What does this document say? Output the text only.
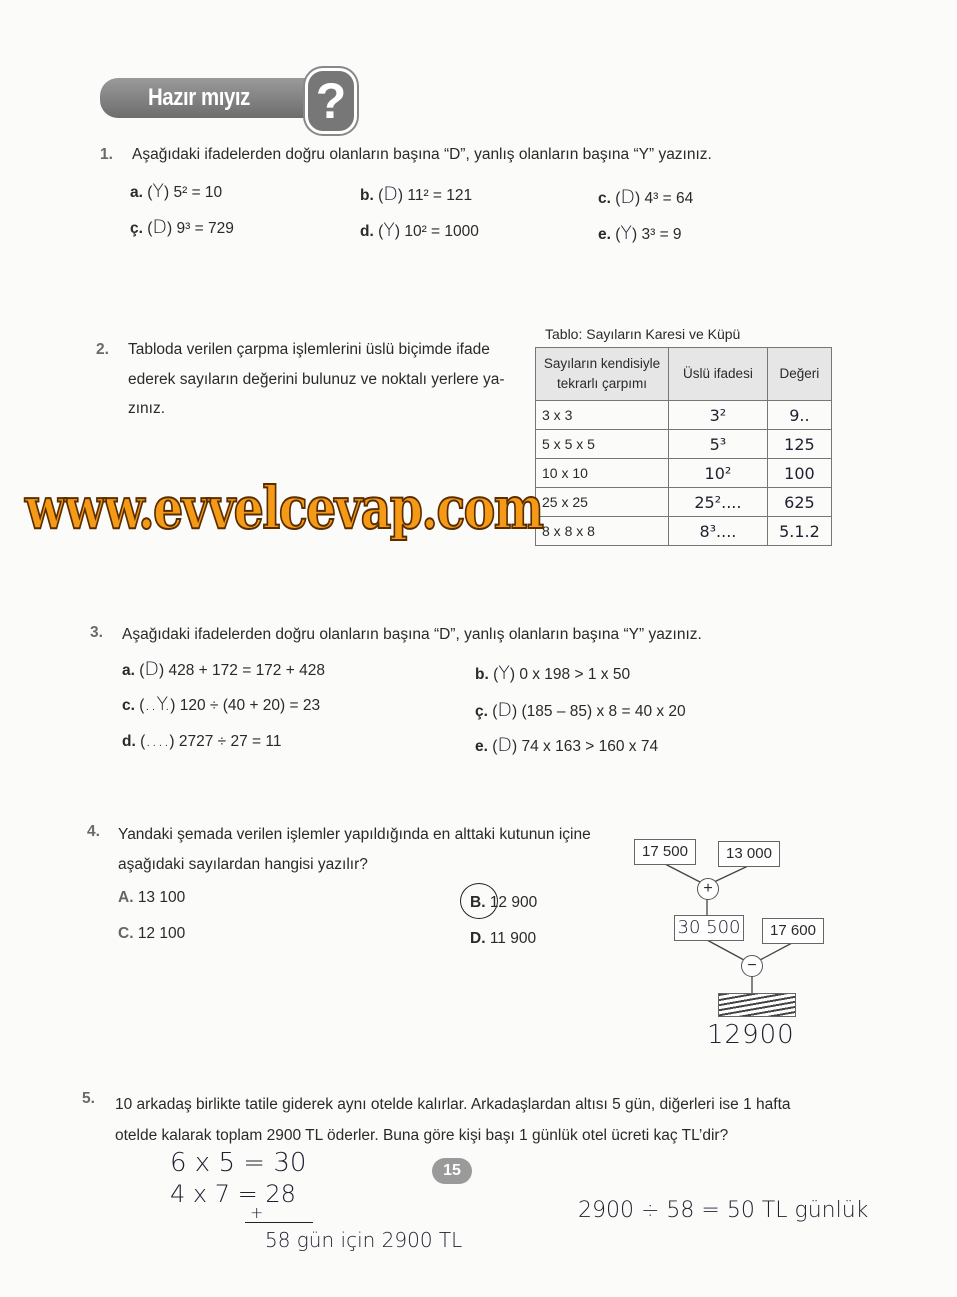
Hazır mıyız ?
1. Aşağıdaki ifadelerden doğru olanların başına “D”, yanlış olanların başına “Y” yazınız.
a. (Y) 5² = 10	b. (D) 11² = 121	c. (D) 4³ = 64
ç. (D) 9³ = 729	d. (Y) 10² = 1000	e. (Y) 3³ = 9
2. Tabloda verilen çarpma işlemlerini üslü biçimde ifade
ederek sayıların değerini bulunuz ve noktalı yerlere ya-
zınız.
Tablo: Sayıların Karesi ve Küpü
Sayıların kendisiyle tekrarlı çarpımı	Üslü ifadesi	Değeri
3 x 3	3²	9..
5 x 5 x 5	5³	125
10 x 10	10²	100
25 x 25	25²....	625
8 x 8 x 8	8³....	5.1.2
www.evvelcevap.com
3. Aşağıdaki ifadelerden doğru olanların başına “D”, yanlış olanların başına “Y” yazınız.
a. (D) 428 + 172 = 172 + 428	b. (Y) 0 x 198 > 1 x 50
c. (..Y.) 120 ÷ (40 + 20) = 23	ç. (D) (185 – 85) x 8 = 40 x 20
d. (....) 2727 ÷ 27 = 11	e. (D) 74 x 163 > 160 x 74
4. Yandaki şemada verilen işlemler yapıldığında en alttaki kutunun içine
aşağıdaki sayılardan hangisi yazılır?
A. 13 100	B. 12 900
C. 12 100	D. 11 900
17 500	13 000
+
30 500	17 600
−
12900
5. 10 arkadaş birlikte tatile giderek aynı otelde kalırlar. Arkadaşlardan altısı 5 gün, diğerleri ise 1 hafta
otelde kalarak toplam 2900 TL öderler. Buna göre kişi başı 1 günlük otel ücreti kaç TL’dir?
6 x 5 = 30
4 x 7 = 28
+
58 gün için 2900 TL
2900 ÷ 58 = 50 TL günlük
15
